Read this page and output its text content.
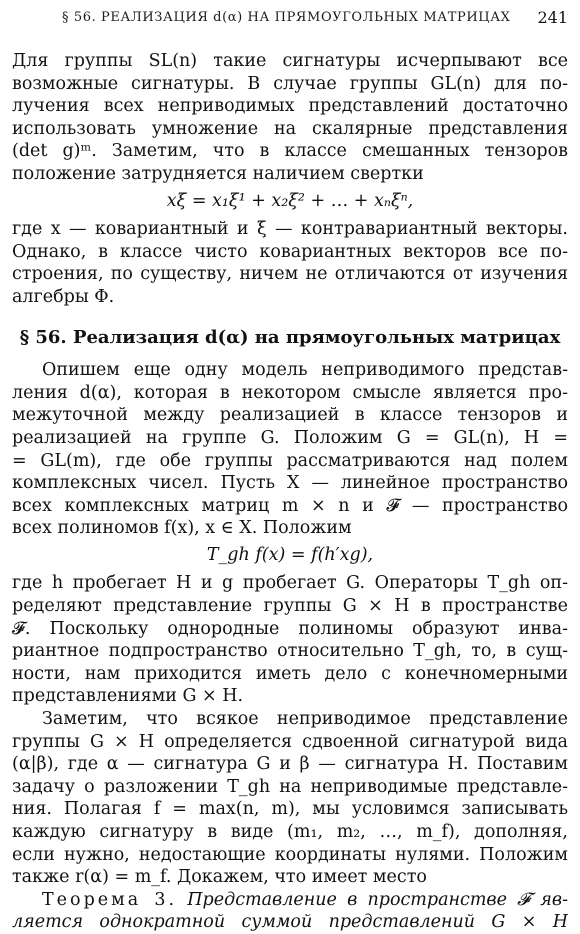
§ 56. РЕАЛИЗАЦИЯ d(α) НА ПРЯМОУГОЛЬНЫХ МАТРИЦАХ 241
Для группы SL(n) такие сигнатуры исчерпывают все
возможные сигнатуры. В случае группы GL(n) для по-
лучения всех неприводимых представлений достаточно
использовать умножение на скалярные представления
(det g)ᵐ. Заметим, что в классе смешанных тензоров
положение затрудняется наличием свертки
xξ = x₁ξ¹ + x₂ξ² + … + xₙξⁿ,
где x — ковариантный и ξ — контравариантный векторы.
Однако, в классе чисто ковариантных векторов все по-
строения, по существу, ничем не отличаются от изучения
алгебры Φ.
§ 56. Реализация d(α) на прямоугольных матрицах
Опишем еще одну модель неприводимого представ-
ления d(α), которая в некотором смысле является про-
межуточной между реализацией в классе тензоров и
реализацией на группе G. Положим G = GL(n), H =
= GL(m), где обе группы рассматриваются над полем
комплексных чисел. Пусть X — линейное пространство
всех комплексных матриц m × n и 𝓕 — пространство
всех полиномов f(x), x ∈ X. Положим
T_gh f(x) = f(h′xg),
где h пробегает H и g пробегает G. Операторы T_gh оп-
ределяют представление группы G × H в пространстве
𝓕. Поскольку однородные полиномы образуют инва-
риантное подпространство относительно T_gh, то, в сущ-
ности, нам приходится иметь дело с конечномерными
представлениями G × H.
Заметим, что всякое неприводимое представление
группы G × H определяется сдвоенной сигнатурой вида
(α|β), где α — сигнатура G и β — сигнатура H. Поставим
задачу о разложении T_gh на неприводимые представле-
ния. Полагая f = max(n, m), мы условимся записывать
каждую сигнатуру в виде (m₁, m₂, …, m_f), дополняя,
если нужно, недостающие координаты нулями. Положим
также r(α) = m_f. Докажем, что имеет место
Теорема 3. Представление в пространстве 𝓕 яв-
ляется однократной суммой представлений G × H
